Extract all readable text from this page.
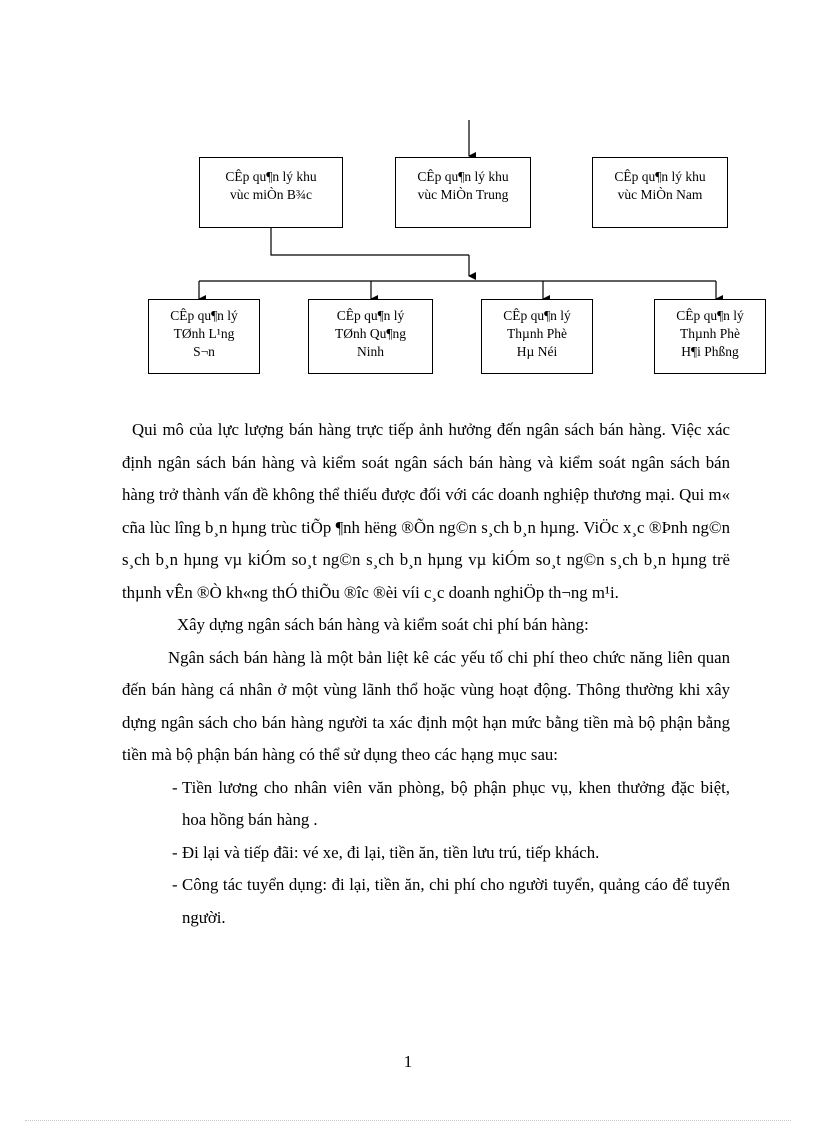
CÊp qu¶n lý khu
vùc miÒn B¾c
CÊp qu¶n lý khu
vùc MiÒn Trung
CÊp qu¶n lý khu
vùc MiÒn Nam
CÊp qu¶n lý
TØnh L¹ng
S¬n
CÊp qu¶n lý
TØnh Qu¶ng
Ninh
CÊp qu¶n lý
Thµnh Phè
Hµ Néi
CÊp qu¶n lý
Thµnh Phè
H¶i Phßng

Qui mô của lực lượng bán hàng trực tiếp ảnh hưởng đến ngân sách bán hàng. Việc xác định ngân sách bán hàng và kiểm soát ngân sách bán hàng và kiểm soát ngân sách bán hàng trở thành vấn đề không thể thiếu được đối với các doanh nghiệp thương mại. Qui m« cña lùc lîng b¸n hµng trùc tiÕp ¶nh hëng ®Õn ng©n s¸ch b¸n hµng. ViÖc x¸c ®Þnh ng©n s¸ch b¸n hµng vµ kiÓm so¸t ng©n s¸ch b¸n hµng vµ kiÓm so¸t ng©n s¸ch b¸n hµng trë thµnh vÊn ®Ò kh«ng thÓ thiÕu ®îc ®èi víi c¸c doanh nghiÖp th¬ng m¹i.

Xây dựng ngân sách bán hàng và kiểm soát chi phí bán hàng:

Ngân sách bán hàng là một bản liệt kê các yếu tố chi phí theo chức năng liên quan đến bán hàng cá nhân ở một vùng lãnh thổ hoặc vùng hoạt động. Thông thường khi xây dựng ngân sách cho bán hàng người ta xác định một hạn mức bằng tiền mà bộ phận bằng tiền mà bộ phận bán hàng có thể sử dụng theo các hạng mục sau:

- Tiền lương cho nhân viên văn phòng, bộ phận phục vụ, khen thưởng đặc biệt, hoa hồng bán hàng .

- Đi lại và tiếp đãi: vé xe, đi lại, tiền ăn, tiền lưu trú, tiếp khách.

- Công tác tuyển dụng: đi lại, tiền ăn, chi phí cho người tuyển, quảng cáo để tuyển người.

1
